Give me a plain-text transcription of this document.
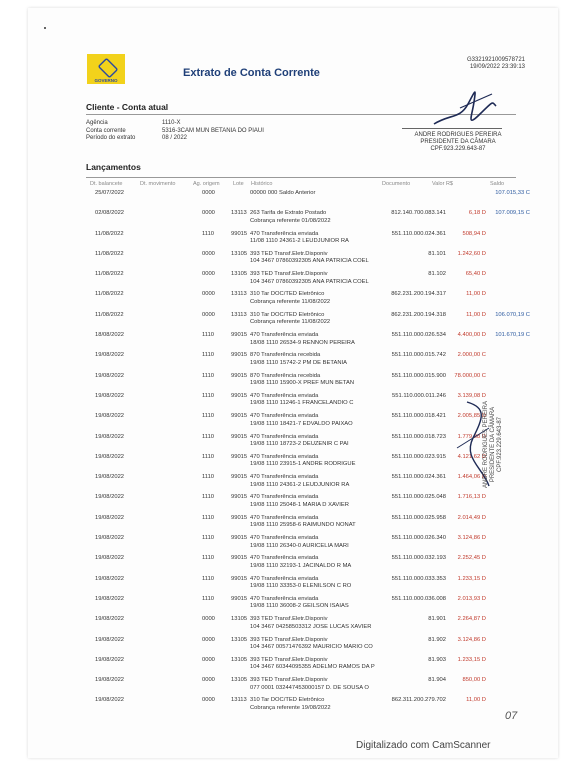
GOVERNO
Extrato de Conta Corrente
G3321921009578721
19/09/2022 23:39:13
Cliente - Conta atual
Agência	1110-X
Conta corrente	5316-3CAM MUN BETANIA DO PIAUI
Período do extrato	08 / 2022	ANDRE RODRIGUES PEREIRA
PRESIDENTE DA CÂMARA
CPF.923.229.643-87
Lançamentos
Dt. balancete	Dt. movimento	Ag. origem Lote Histórico	Documento	Valor R$	Saldo
25/07/2022	0000	00000 000 Saldo Anterior	107.015,33 C
02/08/2022	0000	13113 263 Tarifa de Extrato Postado	812.140.700.083.141	6,18 D	107.009,15 C
Cobrança referente 01/08/2022
11/08/2022	1110	99015 470 Transferência enviada	551.110.000.024.361	508,94 D
11/08 1110 24361-2 LEUDJUNIOR RA
11/08/2022	0000	13105 393 TED Transf.Eletr.Disponiv	81.101	1.242,60 D
104 3467 07860392305 ANA PATRICIA COEL
11/08/2022	0000	13105 393 TED Transf.Eletr.Disponiv	81.102	65,40 D
104 3467 07860392305 ANA PATRICIA COEL
11/08/2022	0000	13113 310 Tar DOC/TED Eletrônico	862.231.200.194.317	11,00 D
Cobrança referente 11/08/2022
11/08/2022	0000	13113 310 Tar DOC/TED Eletrônico	862.231.200.194.318	11,00 D	106.070,19 C
Cobrança referente 11/08/2022
18/08/2022	1110	99015 470 Transferência enviada	551.110.000.026.534	4.400,00 D	101.670,19 C
18/08 1110 26534-9 RENNON PEREIRA
19/08/2022	1110	99015 870 Transferência recebida	551.110.000.015.742	2.000,00 C
19/08 1110 15742-2 PM DE BETANIA
19/08/2022	1110	99015 870 Transferência recebida	551.110.000.015.900	78.000,00 C
19/08 1110 15900-X PREF MUN BETAN
19/08/2022	1110	99015 470 Transferência enviada	551.110.000.011.246	3.139,08 D
19/08 1110 11246-1 FRANCELANDIO C
19/08/2022	1110	99015 470 Transferência enviada	551.110.000.018.421	2.005,85 D
19/08 1110 18421-7 EDVALDO PAIXAO
19/08/2022	1110	99015 470 Transferência enviada	551.110.000.018.723	1.779,88 D
19/08 1110 18723-2 DEUZENIR C PAI
19/08/2022	1110	99015 470 Transferência enviada	551.110.000.023.915	4.121,62 D
19/08 1110 23915-1 ANDRE RODRIGUE
19/08/2022	1110	99015 470 Transferência enviada	551.110.000.024.361	1.464,06 D
19/08 1110 24361-2 LEUDJUNIOR RA
19/08/2022	1110	99015 470 Transferência enviada	551.110.000.025.048	1.716,13 D
19/08 1110 25048-1 MARIA D XAVIER
19/08/2022	1110	99015 470 Transferência enviada	551.110.000.025.958	2.014,49 D
19/08 1110 25958-6 RAIMUNDO NONAT
19/08/2022	1110	99015 470 Transferência enviada	551.110.000.026.340	3.124,86 D
19/08 1110 26340-0 AURICELIA MARI
19/08/2022	1110	99015 470 Transferência enviada	551.110.000.032.193	2.252,45 D
19/08 1110 32193-1 JACINALDO R MA
19/08/2022	1110	99015 470 Transferência enviada	551.110.000.033.353	1.233,15 D
19/08 1110 33353-0 ELENILSON C RO
19/08/2022	1110	99015 470 Transferência enviada	551.110.000.036.008	2.013,93 D
19/08 1110 36008-2 GEILSON ISAIAS
19/08/2022	0000	13105 393 TED Transf.Eletr.Disponiv	81.901	2.264,87 D
104 3467 04258503312 JOSE LUCAS XAVIER
19/08/2022	0000	13105 393 TED Transf.Eletr.Disponiv	81.902	3.124,86 D
104 3467 00571476392 MAURICIO MARIO CO
19/08/2022	0000	13105 393 TED Transf.Eletr.Disponiv	81.903	1.233,15 D
104 3467 60344095355 ADELMO RAMOS DA P
19/08/2022	0000	13105 393 TED Transf.Eletr.Disponiv	81.904	850,00 D
077 0001 032447453000157 D. DE SOUSA O
19/08/2022	0000	13113 310 Tar DOC/TED Eletrônico	862.311.200.279.702	11,00 D
Cobrança referente 19/08/2022
ANDRE RODRIGUES PEREIRA PRESIDENTE DA CÂMARA CPF.923.229.643-87
07
Digitalizado com CamScanner
